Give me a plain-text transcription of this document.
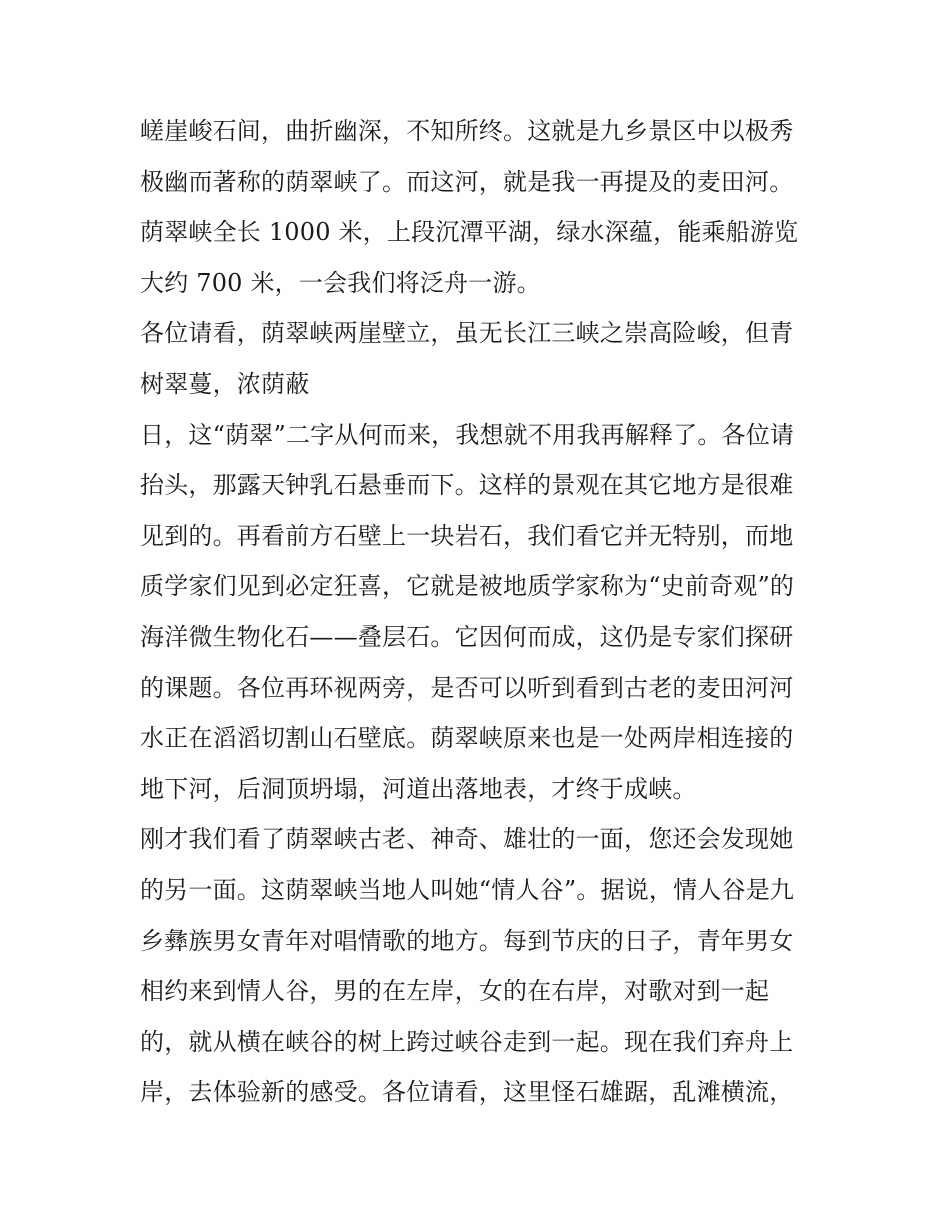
嵯崖峻石间，曲折幽深，不知所终。这就是九乡景区中以极秀
极幽而著称的荫翠峡了。而这河，就是我一再提及的麦田河。
荫翠峡全长 1000 米，上段沉潭平湖，绿水深蕴，能乘船游览
大约 700 米，一会我们将泛舟一游。
各位请看，荫翠峡两崖壁立，虽无长江三峡之崇高险峻，但青
树翠蔓，浓荫蔽
日，这“荫翠”二字从何而来，我想就不用我再解释了。各位请
抬头，那露天钟乳石悬垂而下。这样的景观在其它地方是很难
见到的。再看前方石壁上一块岩石，我们看它并无特别，而地
质学家们见到必定狂喜，它就是被地质学家称为“史前奇观”的
海洋微生物化石——叠层石。它因何而成，这仍是专家们探研
的课题。各位再环视两旁，是否可以听到看到古老的麦田河河
水正在滔滔切割山石壁底。荫翠峡原来也是一处两岸相连接的
地下河，后洞顶坍塌，河道出落地表，才终于成峡。
刚才我们看了荫翠峡古老、神奇、雄壮的一面，您还会发现她
的另一面。这荫翠峡当地人叫她“情人谷”。据说，情人谷是九
乡彝族男女青年对唱情歌的地方。每到节庆的日子，青年男女
相约来到情人谷，男的在左岸，女的在右岸，对歌对到一起
的，就从横在峡谷的树上跨过峡谷走到一起。现在我们弃舟上
岸，去体验新的感受。各位请看，这里怪石雄踞，乱滩横流，
